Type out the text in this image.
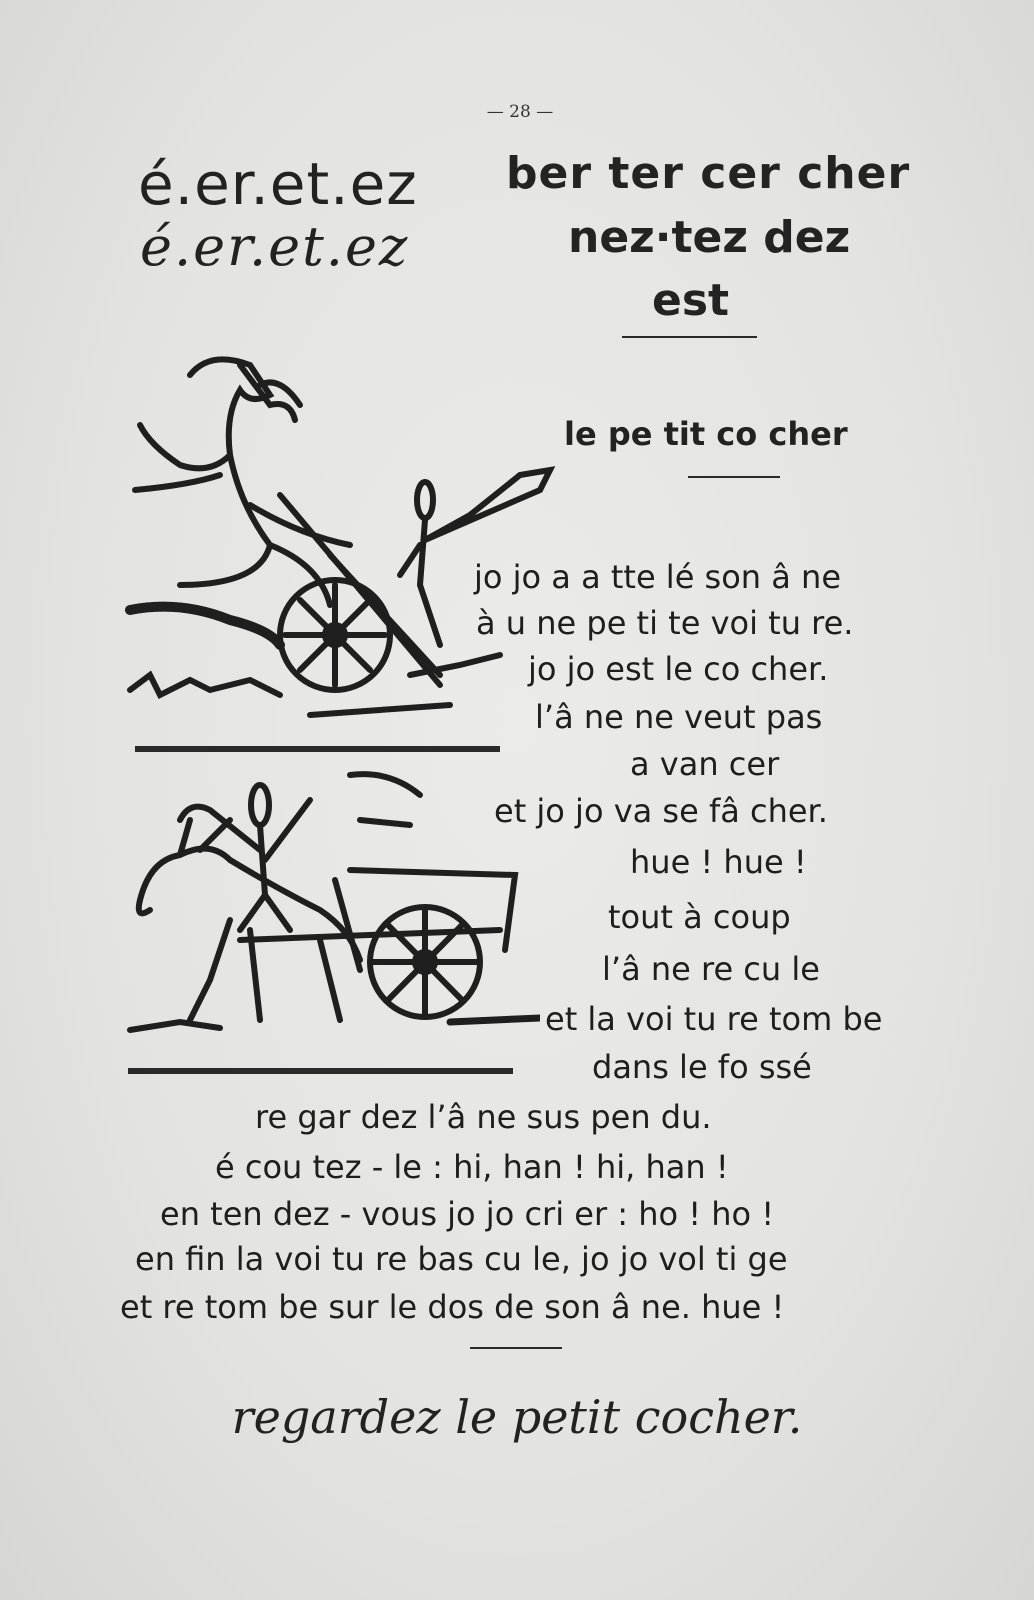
— 28 —
é.er.et.ez
é.er.et.ez
ber ter cer cher
nez·tez dez
est
le pe tit co cher
jo jo a a tte lé son â ne
à u ne pe ti te voi tu re.
jo jo est le co cher.
l’â ne ne veut pas
a van cer
et jo jo va se fâ cher.
hue ! hue !
tout à coup
l’â ne re cu le
et la voi tu re tom be
dans le fo ssé
re gar dez l’â ne sus pen du.
é cou tez - le : hi, han ! hi, han !
en ten dez - vous jo jo cri er : ho ! ho !
en fin la voi tu re bas cu le, jo jo vol ti ge
et re tom be sur le dos de son â ne. hue !
regardez le petit cocher.
